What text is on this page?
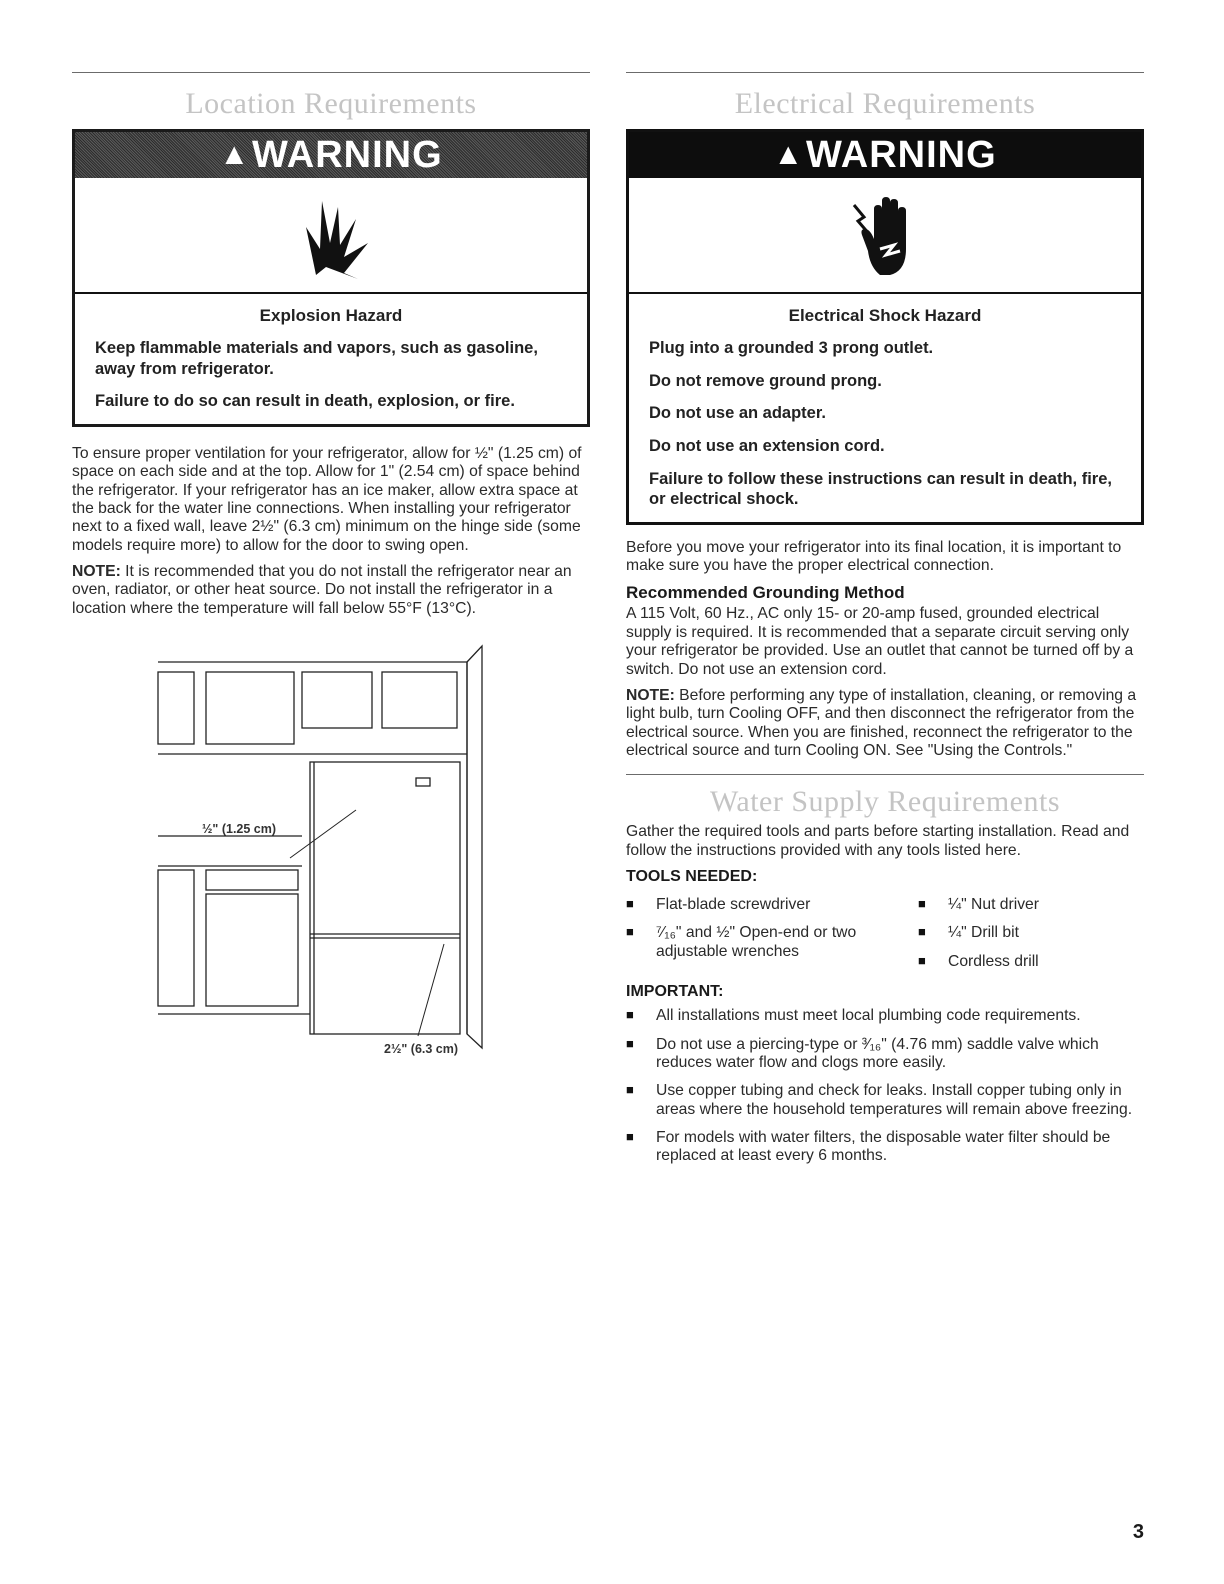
Location Requirements
▲ WARNING

Explosion Hazard

Keep flammable materials and vapors, such as gasoline, away from refrigerator.

Failure to do so can result in death, explosion, or fire.

To ensure proper ventilation for your refrigerator, allow for ½" (1.25 cm) of space on each side and at the top. Allow for 1" (2.54 cm) of space behind the refrigerator. If your refrigerator has an ice maker, allow extra space at the back for the water line connections. When installing your refrigerator next to a fixed wall, leave 2½" (6.3 cm) minimum on the hinge side (some models require more) to allow for the door to swing open.

NOTE: It is recommended that you do not install the refrigerator near an oven, radiator, or other heat source. Do not install the refrigerator in a location where the temperature will fall below 55°F (13°C).

½" (1.25 cm)
2½" (6.3 cm)
Electrical Requirements
▲ WARNING

Electrical Shock Hazard

Plug into a grounded 3 prong outlet.

Do not remove ground prong.

Do not use an adapter.

Do not use an extension cord.

Failure to follow these instructions can result in death, fire, or electrical shock.

Before you move your refrigerator into its final location, it is important to make sure you have the proper electrical connection.

Recommended Grounding Method

A 115 Volt, 60 Hz., AC only 15- or 20-amp fused, grounded electrical supply is required. It is recommended that a separate circuit serving only your refrigerator be provided. Use an outlet that cannot be turned off by a switch. Do not use an extension cord.

NOTE: Before performing any type of installation, cleaning, or removing a light bulb, turn Cooling OFF, and then disconnect the refrigerator from the electrical source. When you are finished, reconnect the refrigerator to the electrical source and turn Cooling ON. See "Using the Controls."

Water Supply Requirements

Gather the required tools and parts before starting installation. Read and follow the instructions provided with any tools listed here.

TOOLS NEEDED:
■ Flat-blade screwdriver
■ ⁷⁄₁₆" and ½" Open-end or two adjustable wrenches
■ ¼" Nut driver
■ ¼" Drill bit
■ Cordless drill
IMPORTANT:
■ All installations must meet local plumbing code requirements.
■ Do not use a piercing-type or ³⁄₁₆" (4.76 mm) saddle valve which reduces water flow and clogs more easily.
■ Use copper tubing and check for leaks. Install copper tubing only in areas where the household temperatures will remain above freezing.
■ For models with water filters, the disposable water filter should be replaced at least every 6 months.
3
